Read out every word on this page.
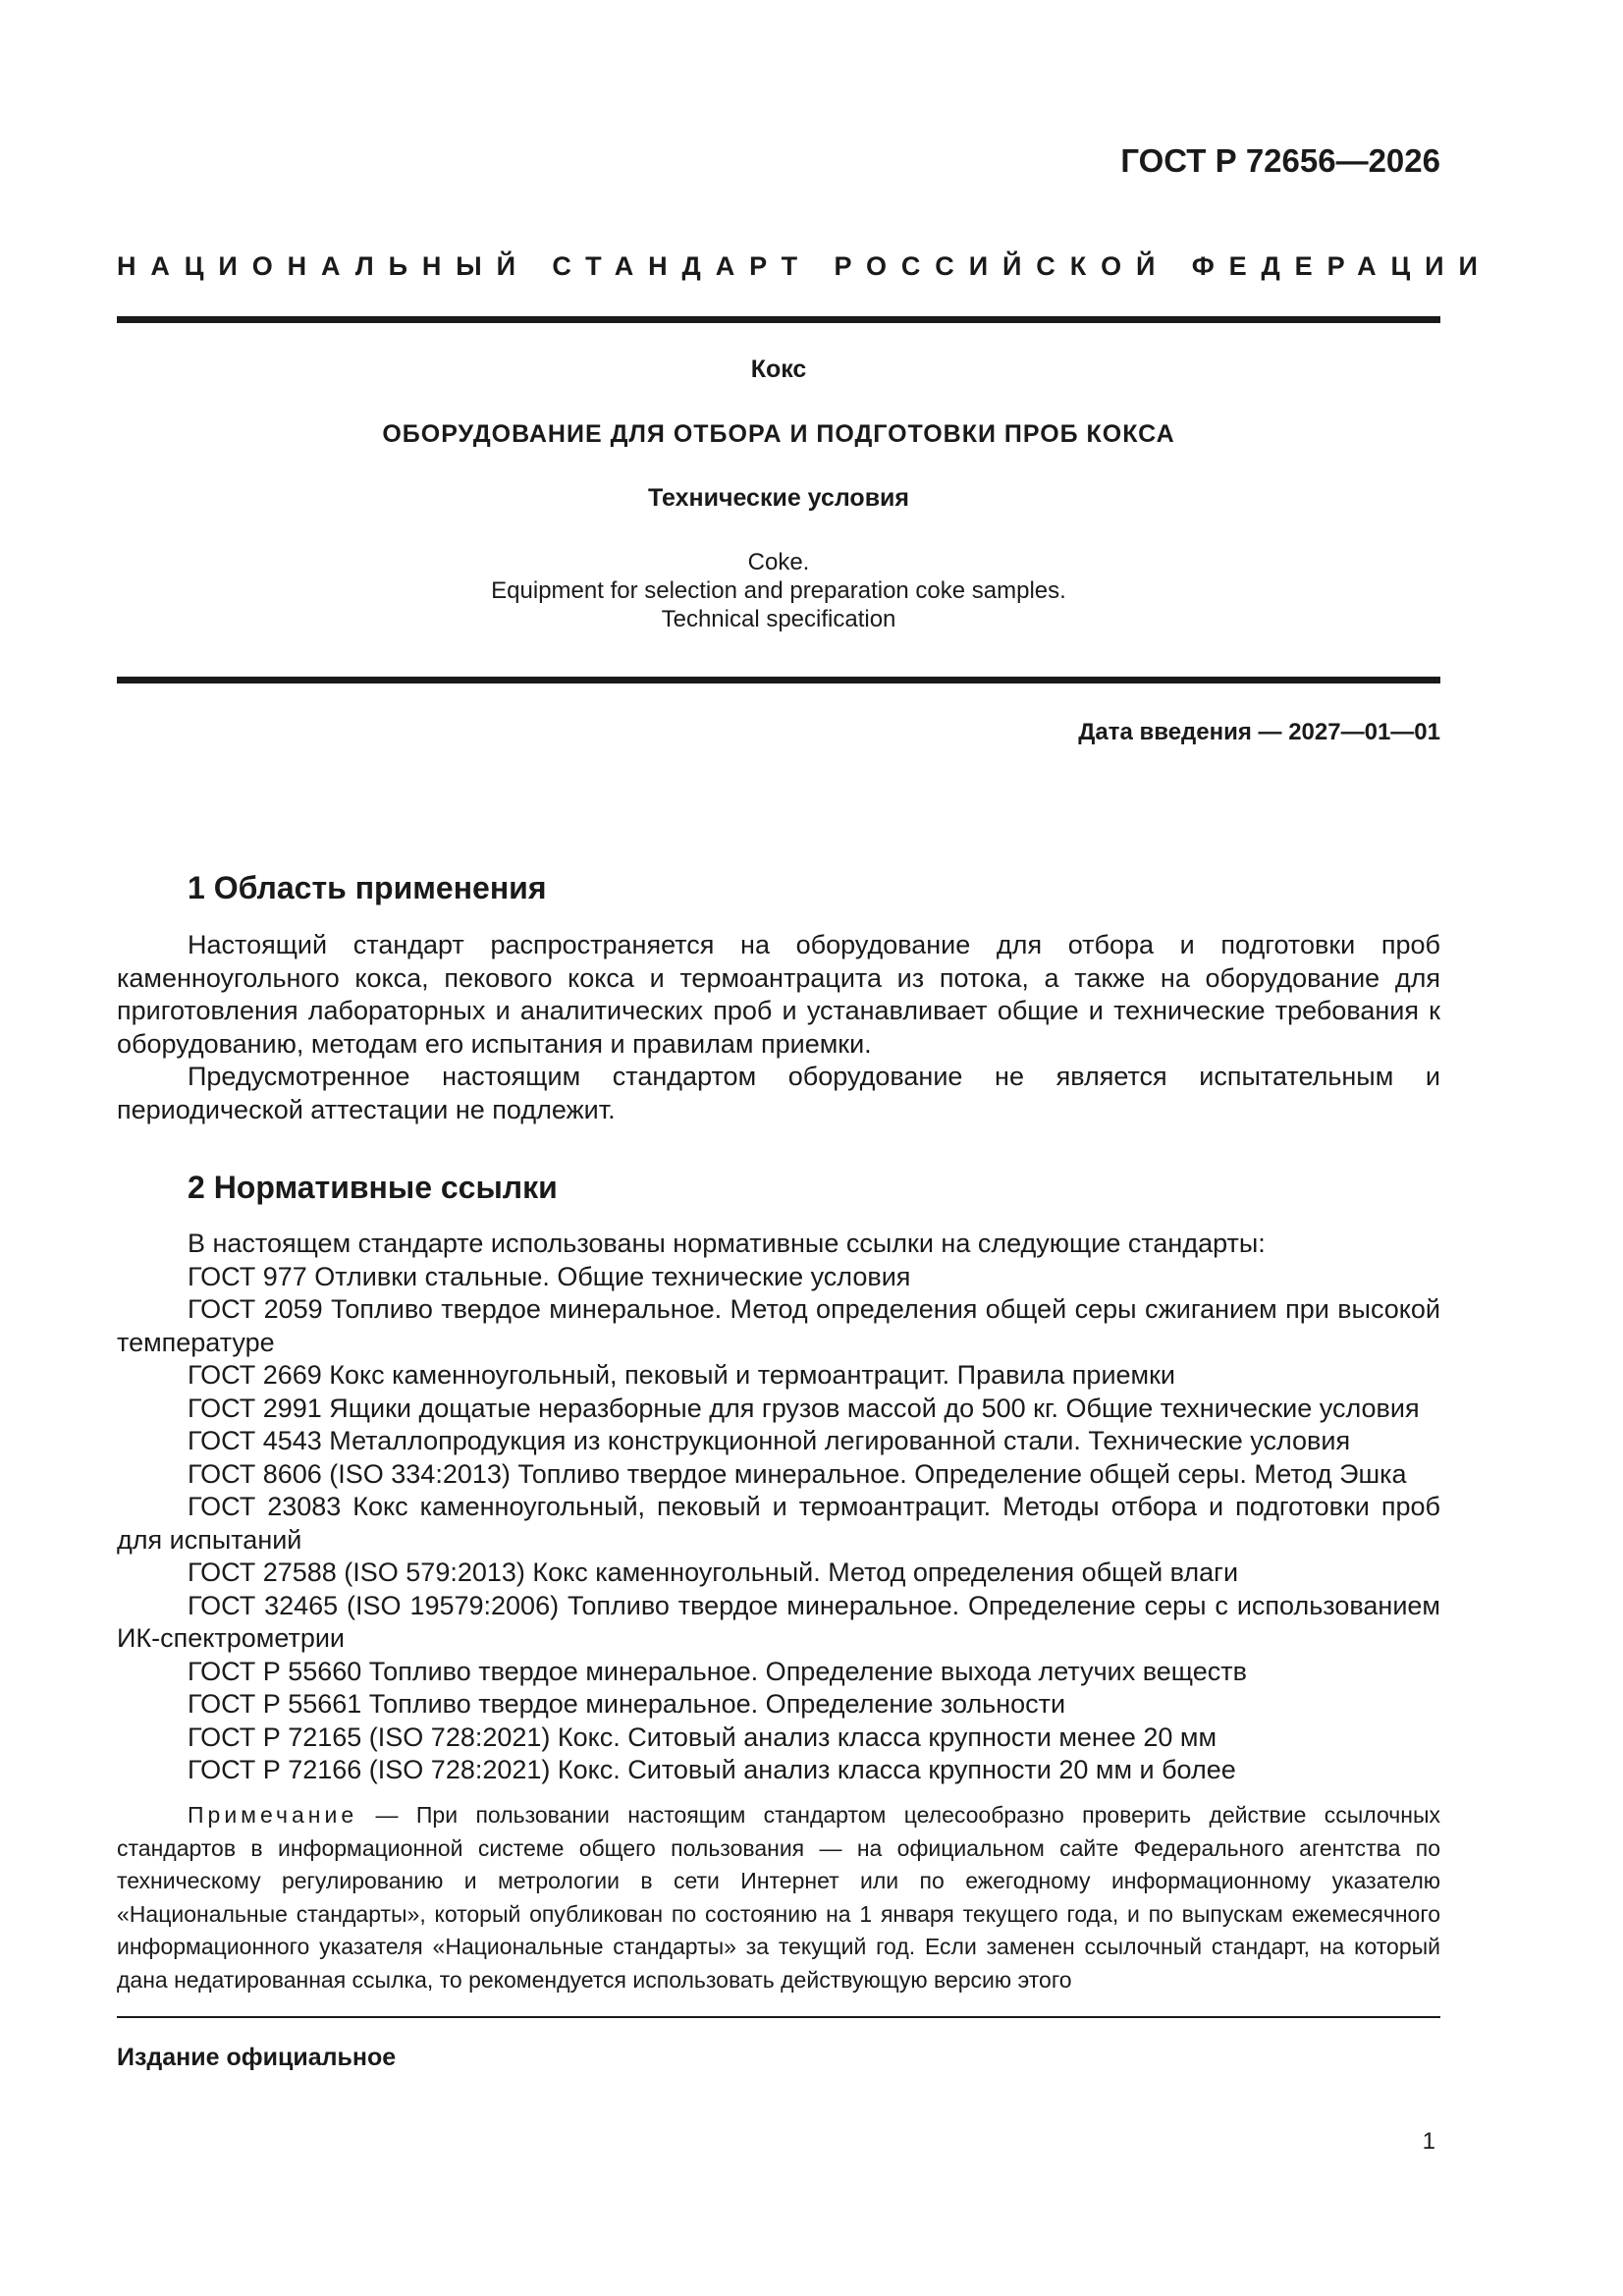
ГОСТ Р 72656—2026
НАЦИОНАЛЬНЫЙ СТАНДАРТ РОССИЙСКОЙ ФЕДЕРАЦИИ
Кокс
ОБОРУДОВАНИЕ ДЛЯ ОТБОРА И ПОДГОТОВКИ ПРОБ КОКСА
Технические условия
Coke.
Equipment for selection and preparation coke samples.
Technical specification
Дата введения — 2027—01—01
1 Область применения

Настоящий стандарт распространяется на оборудование для отбора и подготовки проб каменноугольного кокса, пекового кокса и термоантрацита из потока, а также на оборудование для приготовления лабораторных и аналитических проб и устанавливает общие и технические требования к оборудованию, методам его испытания и правилам приемки.

Предусмотренное настоящим стандартом оборудование не является испытательным и периодической аттестации не подлежит.

2 Нормативные ссылки

В настоящем стандарте использованы нормативные ссылки на следующие стандарты:

ГОСТ 977 Отливки стальные. Общие технические условия

ГОСТ 2059 Топливо твердое минеральное. Метод определения общей серы сжиганием при высокой температуре

ГОСТ 2669 Кокс каменноугольный, пековый и термоантрацит. Правила приемки

ГОСТ 2991 Ящики дощатые неразборные для грузов массой до 500 кг. Общие технические условия

ГОСТ 4543 Металлопродукция из конструкционной легированной стали. Технические условия

ГОСТ 8606 (ISO 334:2013) Топливо твердое минеральное. Определение общей серы. Метод Эшка

ГОСТ 23083 Кокс каменноугольный, пековый и термоантрацит. Методы отбора и подготовки проб для испытаний

ГОСТ 27588 (ISO 579:2013) Кокс каменноугольный. Метод определения общей влаги

ГОСТ 32465 (ISO 19579:2006) Топливо твердое минеральное. Определение серы с использованием ИК-спектрометрии

ГОСТ Р 55660 Топливо твердое минеральное. Определение выхода летучих веществ

ГОСТ Р 55661 Топливо твердое минеральное. Определение зольности

ГОСТ Р 72165 (ISO 728:2021) Кокс. Ситовый анализ класса крупности менее 20 мм

ГОСТ Р 72166 (ISO 728:2021) Кокс. Ситовый анализ класса крупности 20 мм и более

Примечание — При пользовании настоящим стандартом целесообразно проверить действие ссылочных стандартов в информационной системе общего пользования — на официальном сайте Федерального агентства по техническому регулированию и метрологии в сети Интернет или по ежегодному информационному указателю «Национальные стандарты», который опубликован по состоянию на 1 января текущего года, и по выпускам ежемесячного информационного указателя «Национальные стандарты» за текущий год. Если заменен ссылочный стандарт, на который дана недатированная ссылка, то рекомендуется использовать действующую версию этого
Издание официальное
1
